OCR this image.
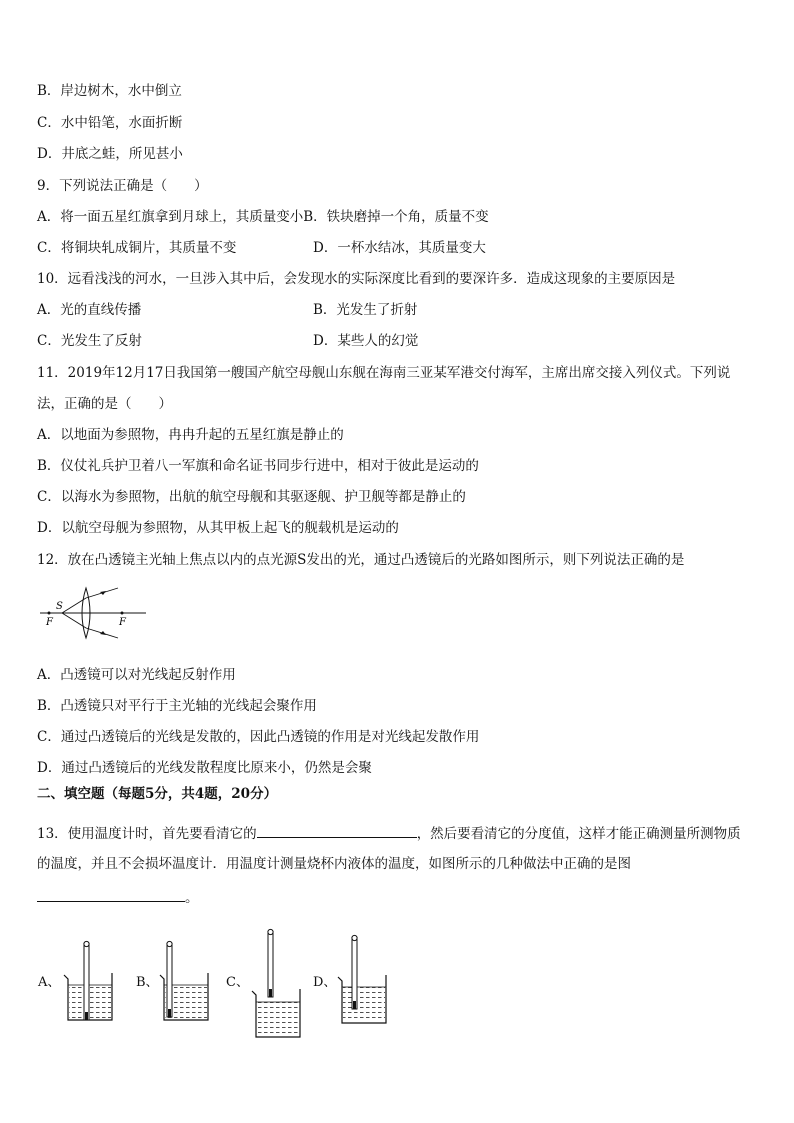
B．岸边树木，水中倒立
C．水中铅笔，水面折断
D．井底之蛙，所见甚小
9．下列说法正确是（　　）
A．将一面五星红旗拿到月球上，其质量变小B．铁块磨掉一个角，质量不变
C．将铜块轧成铜片，其质量不变	D．一杯水结冰，其质量变大
10．远看浅浅的河水，一旦涉入其中后，会发现水的实际深度比看到的要深许多．造成这现象的主要原因是
A．光的直线传播	B．光发生了折射
C．光发生了反射	D．某些人的幻觉
11．2019年12月17日我国第一艘国产航空母舰山东舰在海南三亚某军港交付海军，主席出席交接入列仪式。下列说
法，正确的是（　　）
A．以地面为参照物，冉冉升起的五星红旗是静止的
B．仪仗礼兵护卫着八一军旗和命名证书同步行进中，相对于彼此是运动的
C．以海水为参照物，出航的航空母舰和其驱逐舰、护卫舰等都是静止的
D．以航空母舰为参照物，从其甲板上起飞的舰载机是运动的
12．放在凸透镜主光轴上焦点以内的点光源S发出的光，通过凸透镜后的光路如图所示，则下列说法正确的是
S
F	F
A．凸透镜可以对光线起反射作用
B．凸透镜只对平行于主光轴的光线起会聚作用
C．通过凸透镜后的光线是发散的，因此凸透镜的作用是对光线起发散作用
D．通过凸透镜后的光线发散程度比原来小，仍然是会聚
二、填空题（每题5分，共4题，20分）
13．使用温度计时，首先要看清它的	，然后要看清它的分度值，这样才能正确测量所测物质
的温度，并且不会损坏温度计．用温度计测量烧杯内液体的温度，如图所示的几种做法中正确的是图
。
A、	B、	C、	D、
